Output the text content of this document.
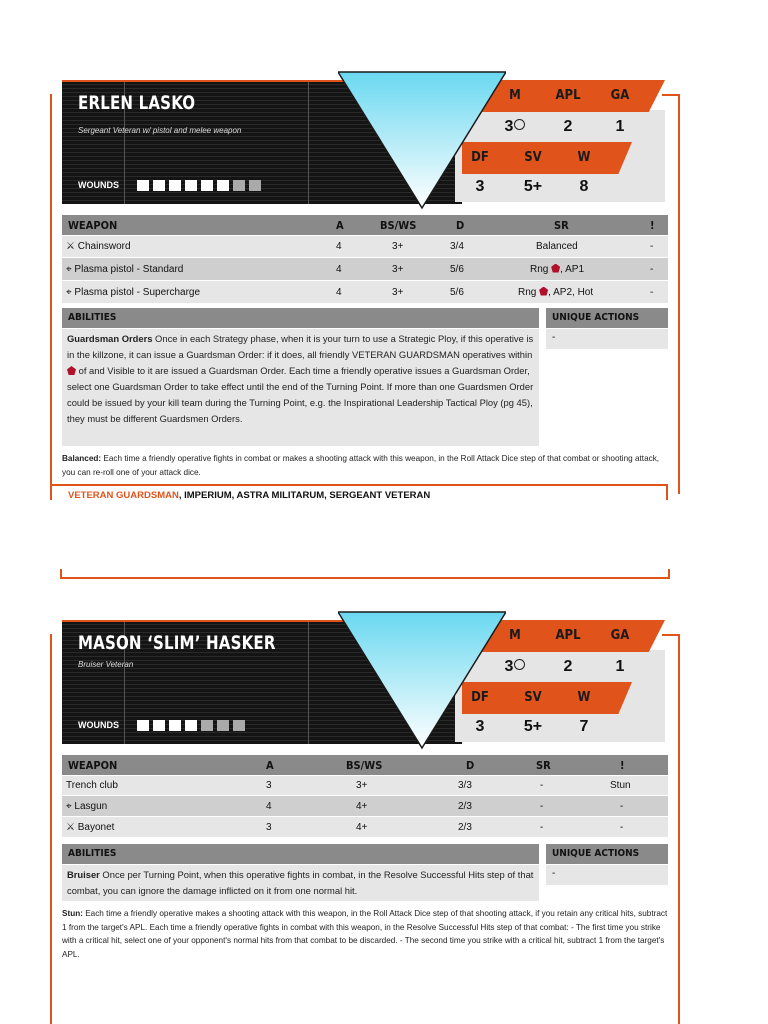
ERLEN LASKO
Sergeant Veteran w/ pistol and melee weapon
WOUNDS
M	APL	GA
3	2	1
DF	SV	W
3	5+	8
WEAPON	A	BS/WS	D	SR	!
⚔ Chainsword	4	3+	3/4	Balanced	-
⌖ Plasma pistol - Standard	4	3+	5/6	Rng , AP1	-
⌖ Plasma pistol - Supercharge	4	3+	5/6	Rng , AP2, Hot	-
ABILITIES	UNIQUE ACTIONS
Guardsman Orders Once in each Strategy phase, when it is your turn to use a Strategic Ploy, if this operative is in the killzone, it can issue a Guardsman Order: if it does, all friendly VETERAN GUARDSMAN operatives within  of and Visible to it are issued a Guardsman Order. Each time a friendly operative issues a Guardsman Order, select one Guardsman Order to take effect until the end of the Turning Point. If more than one Guardsmen Order could be issued by your kill team during the Turning Point, e.g. the Inspirational Leadership Tactical Ploy (pg 45), they must be different Guardsmen Orders.
-
Balanced: Each time a friendly operative fights in combat or makes a shooting attack with this weapon, in the Roll Attack Dice step of that combat or shooting attack, you can re-roll one of your attack dice.
VETERAN GUARDSMAN, IMPERIUM, ASTRA MILITARUM, SERGEANT VETERAN
MASON ‘SLIM’ HASKER
Bruiser Veteran
WOUNDS
M	APL	GA
3	2	1
DF	SV	W
3	5+	7
WEAPON	A	BS/WS	D	SR	!
Trench club	3	3+	3/3	-	Stun
⌖ Lasgun	4	4+	2/3	-	-
⚔ Bayonet	3	4+	2/3	-	-
ABILITIES	UNIQUE ACTIONS
Bruiser Once per Turning Point, when this operative fights in combat, in the Resolve Successful Hits step of that combat, you can ignore the damage inflicted on it from one normal hit.
-
Stun: Each time a friendly operative makes a shooting attack with this weapon, in the Roll Attack Dice step of that shooting attack, if you retain any critical hits, subtract 1 from the target's APL. Each time a friendly operative fights in combat with this weapon, in the Resolve Successful Hits step of that combat: - The first time you strike with a critical hit, select one of your opponent's normal hits from that combat to be discarded. - The second time you strike with a critical hit, subtract 1 from the target's APL.
